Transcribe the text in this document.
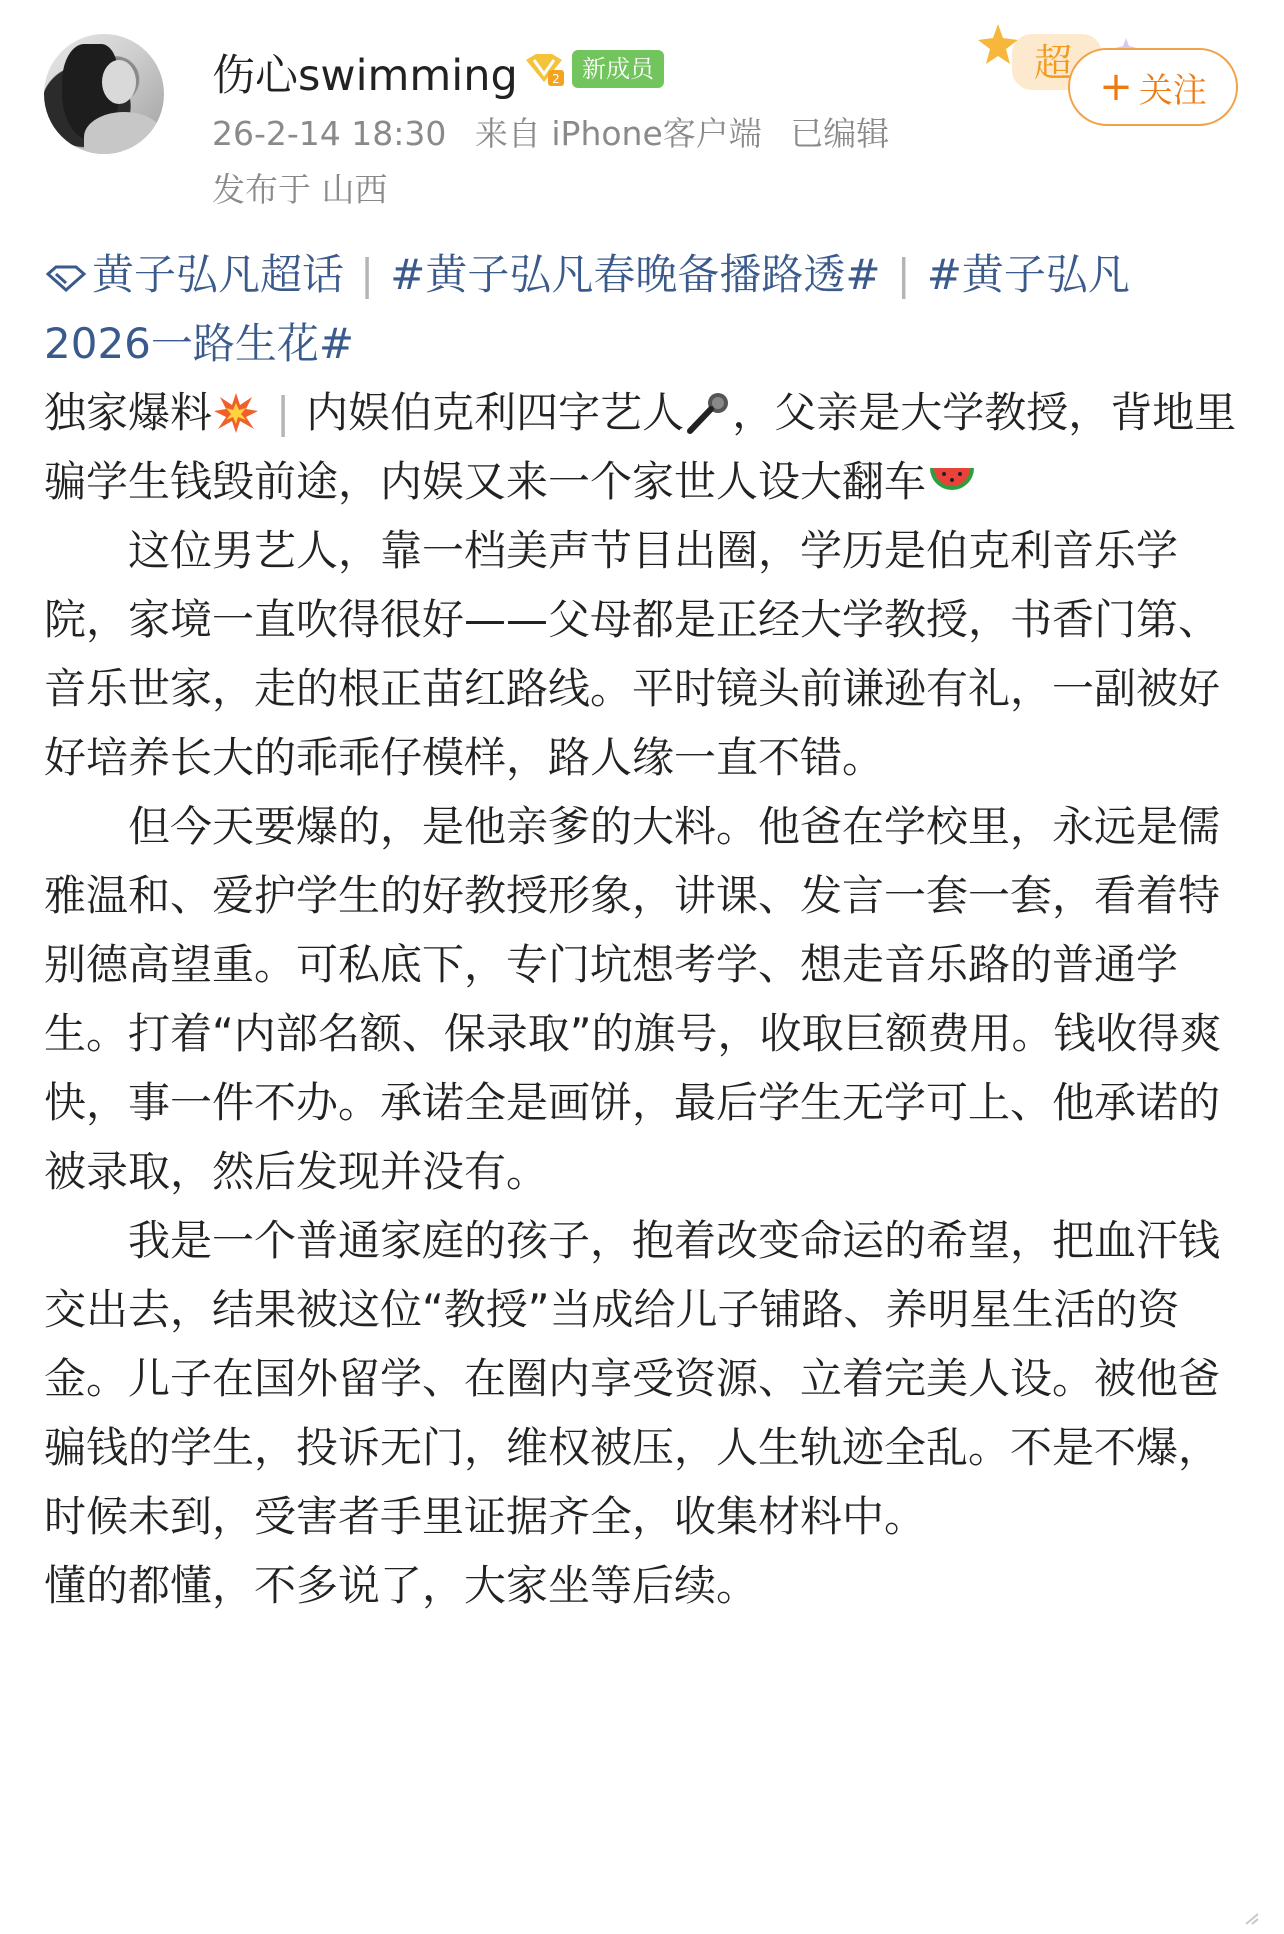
伤心swimming	2 新成员
26-2-14 18:30 来自 iPhone客户端 已编辑
发布于 山西
超
+ 关注

黄子弘凡超话 | #黄子弘凡春晚备播路透# | #黄子弘凡 2026一路生花#

独家爆料 | 内娱伯克利四字艺人 ，父亲是大学教授，背地里骗学生钱毁前途，内娱又来一个家世人设大翻车

这位男艺人，靠一档美声节目出圈，学历是伯克利音乐学院，家境一直吹得很好——父母都是正经大学教授，书香门第、音乐世家，走的根正苗红路线。平时镜头前谦逊有礼，一副被好好培养长大的乖乖仔模样，路人缘一直不错。

但今天要爆的，是他亲爹的大料。他爸在学校里，永远是儒雅温和、爱护学生的好教授形象，讲课、发言一套一套，看着特别德高望重。可私底下，专门坑想考学、想走音乐路的普通学生。打着“内部名额、保录取”的旗号，收取巨额费用。钱收得爽快，事一件不办。承诺全是画饼，最后学生无学可上、他承诺的被录取，然后发现并没有。

我是一个普通家庭的孩子，抱着改变命运的希望，把血汗钱交出去，结果被这位“教授”当成给儿子铺路、养明星生活的资金。儿子在国外留学、在圈内享受资源、立着完美人设。被他爸骗钱的学生，投诉无门，维权被压，人生轨迹全乱。不是不爆，时候未到，受害者手里证据齐全，收集材料中。

懂的都懂，不多说了，大家坐等后续。
